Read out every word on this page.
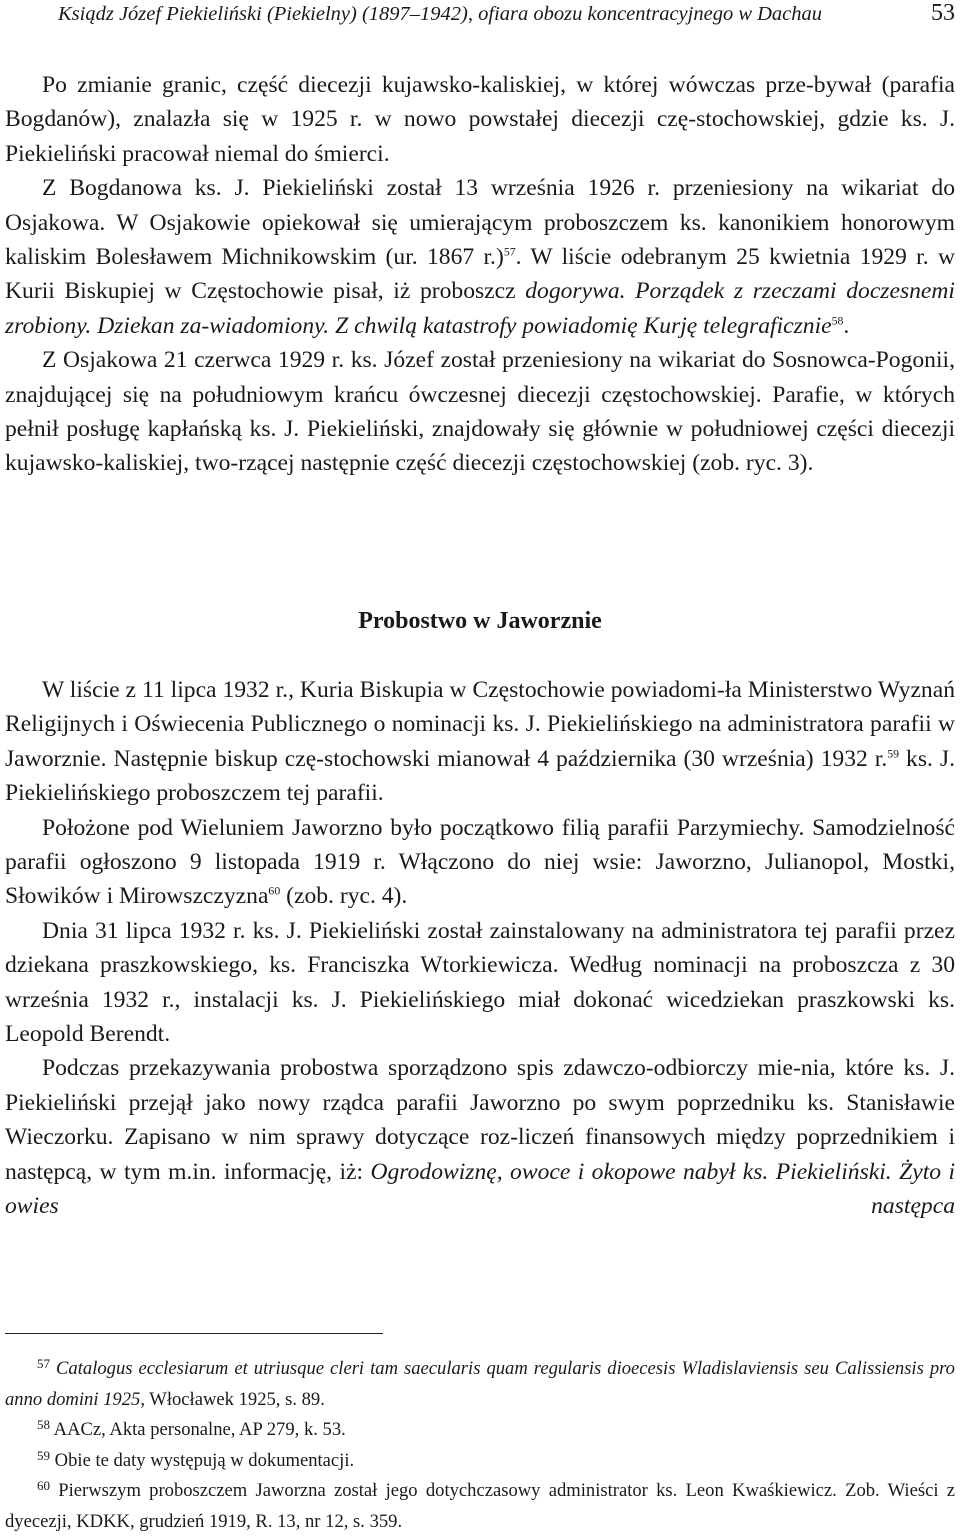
Ksiądz Józef Piekieliński (Piekielny) (1897–1942), ofiara obozu koncentracyjnego w Dachau	53

Po zmianie granic, część diecezji kujawsko-kaliskiej, w której wówczas prze-bywał (parafia Bogdanów), znalazła się w 1925 r. w nowo powstałej diecezji czę-stochowskiej, gdzie ks. J. Piekieliński pracował niemal do śmierci.

Z Bogdanowa ks. J. Piekieliński został 13 września 1926 r. przeniesiony na wikariat do Osjakowa. W Osjakowie opiekował się umierającym proboszczem ks. kanonikiem honorowym kaliskim Bolesławem Michnikowskim (ur. 1867 r.)$^{57}$. W liście odebranym 25 kwietnia 1929 r. w Kurii Biskupiej w Częstochowie pisał, iż proboszcz dogorywa. Porządek z rzeczami doczesnemi zrobiony. Dziekan za-wiadomiony. Z chwilą katastrofy powiadomię Kurję telegraficznie$^{58}$.

Z Osjakowa 21 czerwca 1929 r. ks. Józef został przeniesiony na wikariat do Sosnowca-Pogonii, znajdującej się na południowym krańcu ówczesnej diecezji częstochowskiej. Parafie, w których pełnił posługę kapłańską ks. J. Piekieliński, znajdowały się głównie w południowej części diecezji kujawsko-kaliskiej, two-rzącej następnie część diecezji częstochowskiej (zob. ryc. 3).

Probostwo w Jaworznie

W liście z 11 lipca 1932 r., Kuria Biskupia w Częstochowie powiadomi-ła Ministerstwo Wyznań Religijnych i Oświecenia Publicznego o nominacji ks. J. Piekielińskiego na administratora parafii w Jaworznie. Następnie biskup czę-stochowski mianował 4 października (30 września) 1932 r.$^{59}$ ks. J. Piekielińskiego proboszczem tej parafii.

Położone pod Wieluniem Jaworzno było początkowo filią parafii Parzymiechy. Samodzielność parafii ogłoszono 9 listopada 1919 r. Włączono do niej wsie: Jaworzno, Julianopol, Mostki, Słowików i Mirowszczyzna$^{60}$ (zob. ryc. 4).

Dnia 31 lipca 1932 r. ks. J. Piekieliński został zainstalowany na administratora tej parafii przez dziekana praszkowskiego, ks. Franciszka Wtorkiewicza. Według nominacji na proboszcza z 30 września 1932 r., instalacji ks. J. Piekielińskiego miał dokonać wicedziekan praszkowski ks. Leopold Berendt.

Podczas przekazywania probostwa sporządzono spis zdawczo-odbiorczy mie-nia, które ks. J. Piekieliński przejął jako nowy rządca parafii Jaworzno po swym poprzedniku ks. Stanisławie Wieczorku. Zapisano w nim sprawy dotyczące roz-liczeń finansowych między poprzednikiem i następcą, w tym m.in. informację, iż: Ogrodowiznę, owoce i okopowe nabył ks. Piekieliński. Żyto i owies następca

$^{57}$ Catalogus ecclesiarum et utriusque cleri tam saecularis quam regularis dioecesis Wladislaviensis seu Calissiensis pro anno domini 1925, Włocławek 1925, s. 89.

$^{58}$ AACz, Akta personalne, AP 279, k. 53.

$^{59}$ Obie te daty występują w dokumentacji.

$^{60}$ Pierwszym proboszczem Jaworzna został jego dotychczasowy administrator ks. Leon Kwaśkiewicz. Zob. Wieści z dyecezji, KDKK, grudzień 1919, R. 13, nr 12, s. 359.
